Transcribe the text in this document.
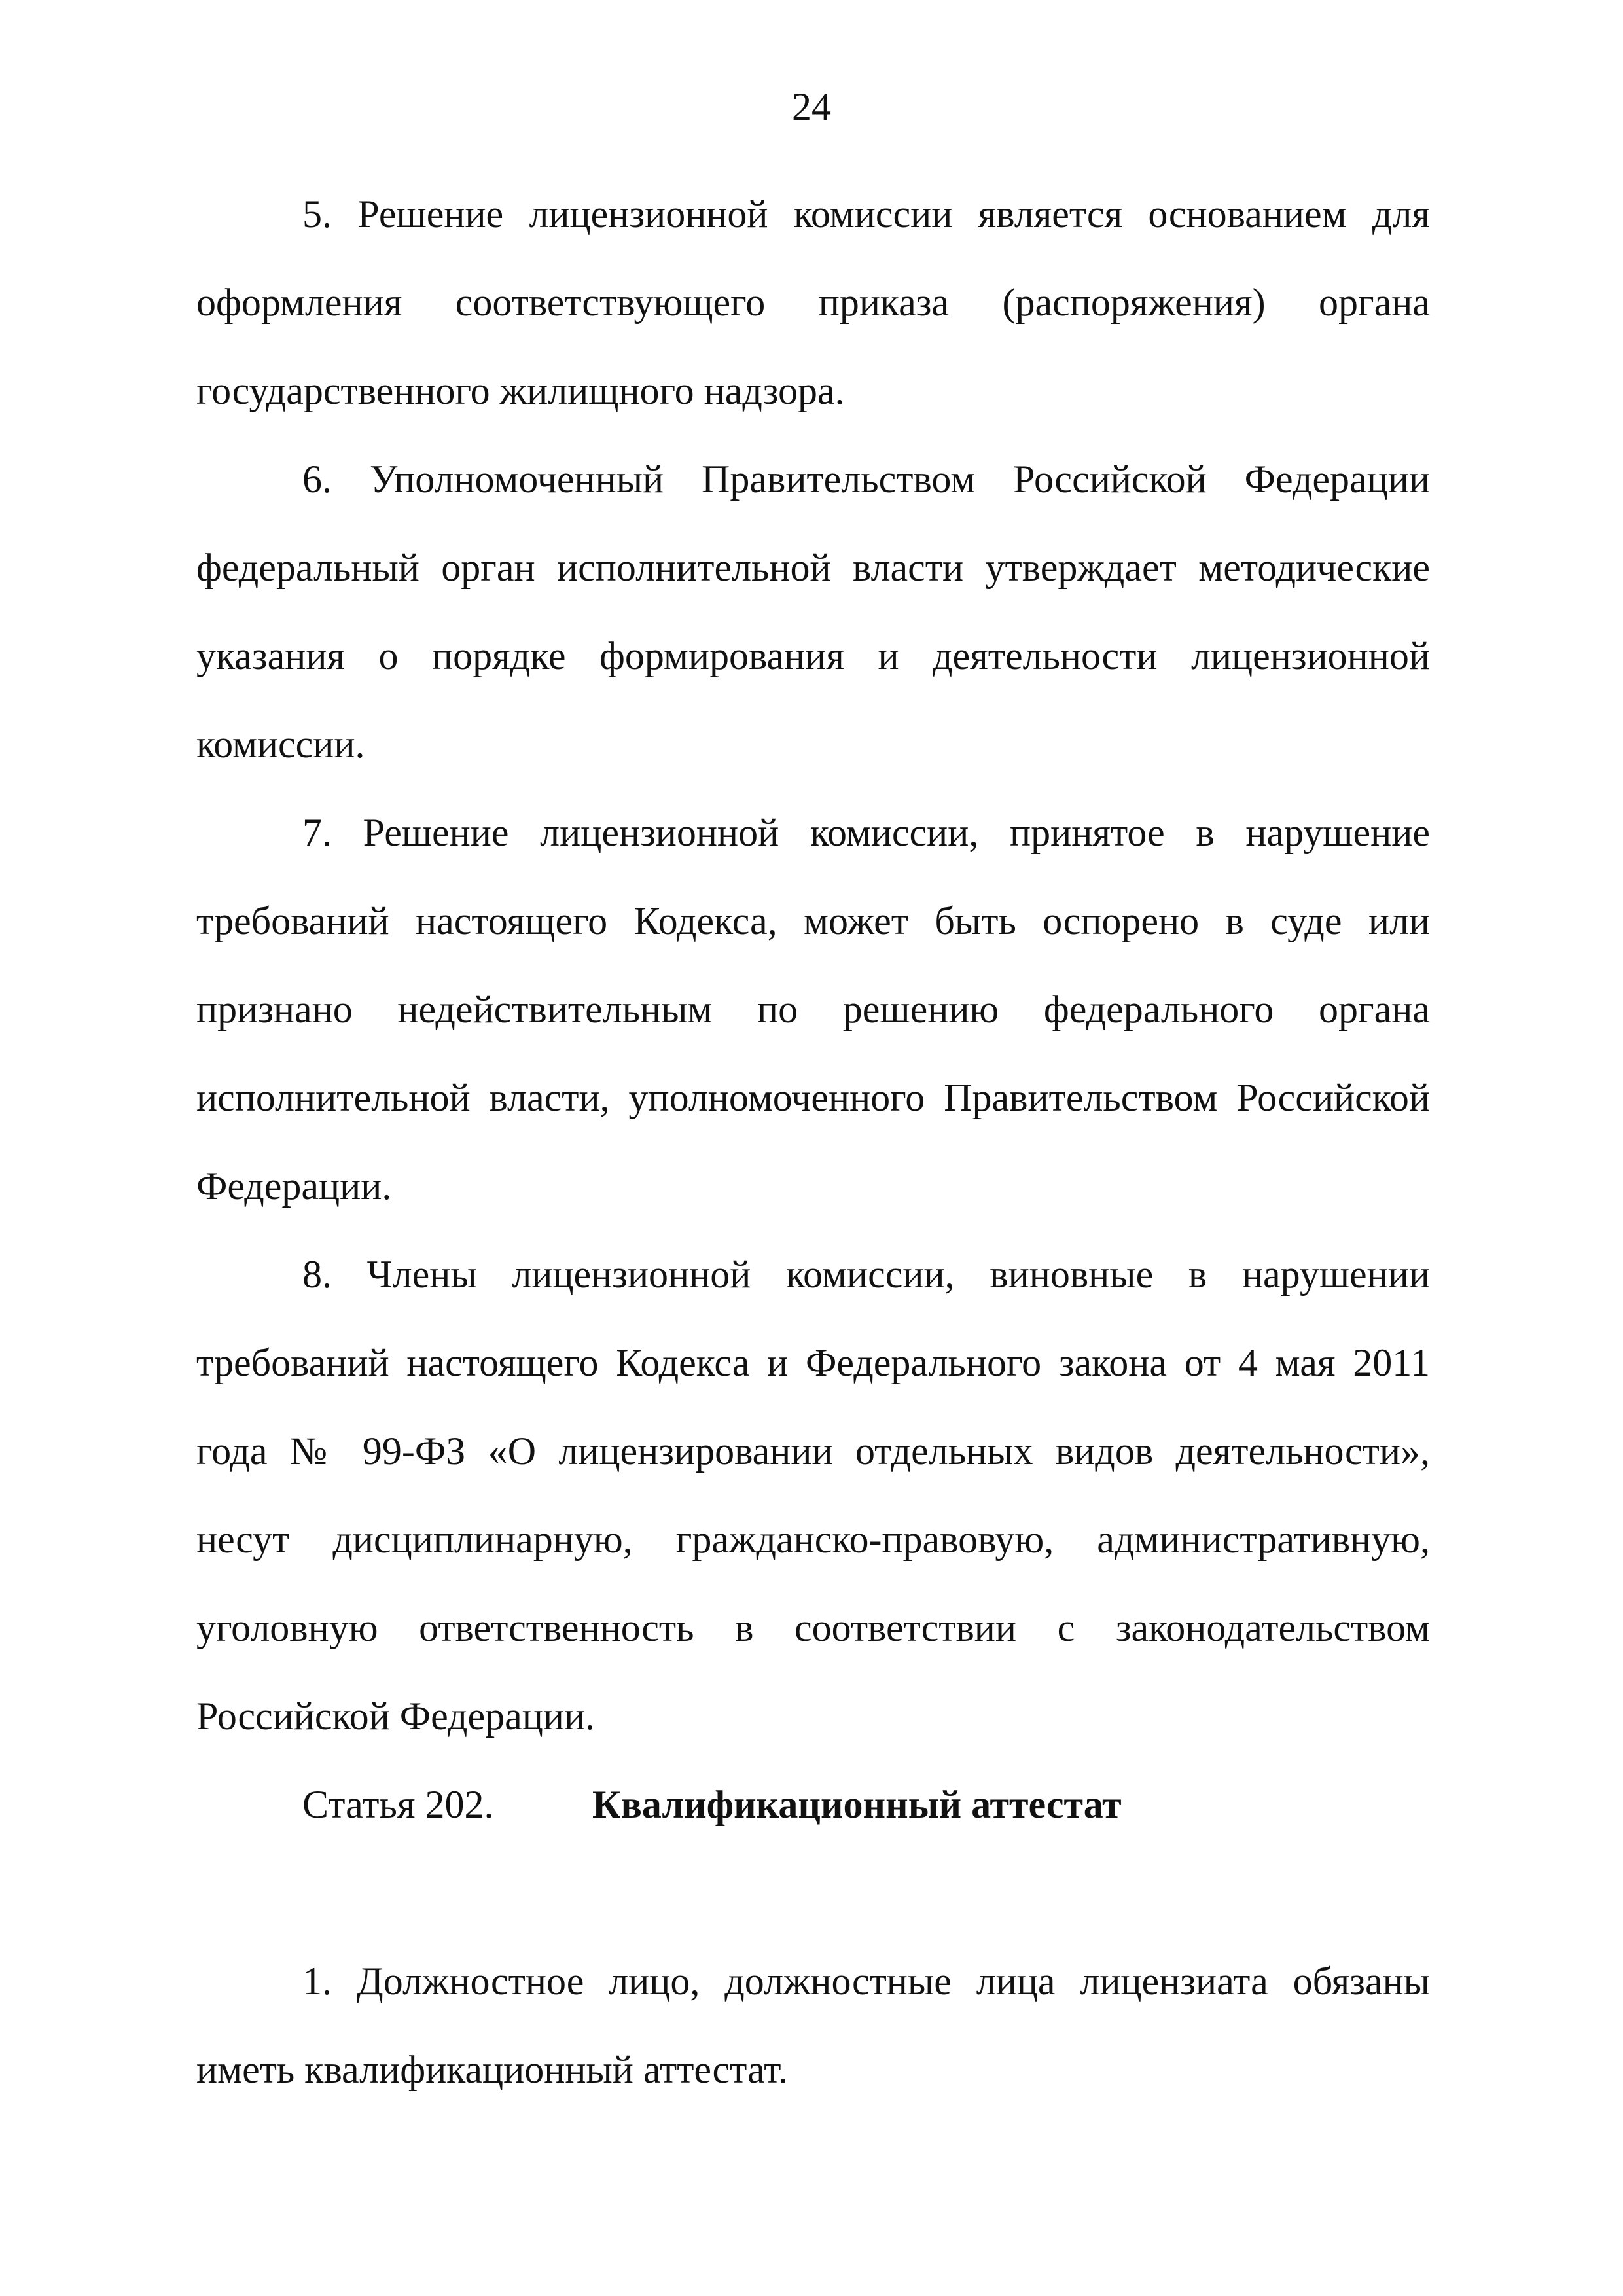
24

5. Решение лицензионной комиссии является основанием для оформления соответствующего приказа (распоряжения) органа государственного жилищного надзора.

6. Уполномоченный Правительством Российской Федерации федеральный орган исполнительной власти утверждает методические указания о порядке формирования и деятельности лицензионной комиссии.

7. Решение лицензионной комиссии, принятое в нарушение требований настоящего Кодекса, может быть оспорено в суде или признано недействительным по решению федерального органа исполнительной власти, уполномоченного Правительством Российской Федерации.

8. Члены лицензионной комиссии, виновные в нарушении требований настоящего Кодекса и Федерального закона от 4 мая 2011 года № 99-ФЗ «О лицензировании отдельных видов деятельности», несут дисциплинарную, гражданско-правовую, административную, уголовную ответственность в соответствии с законодательством Российской Федерации.

Статья 202.	Квалификационный аттестат

1. Должностное лицо, должностные лица лицензиата обязаны иметь квалификационный аттестат.
